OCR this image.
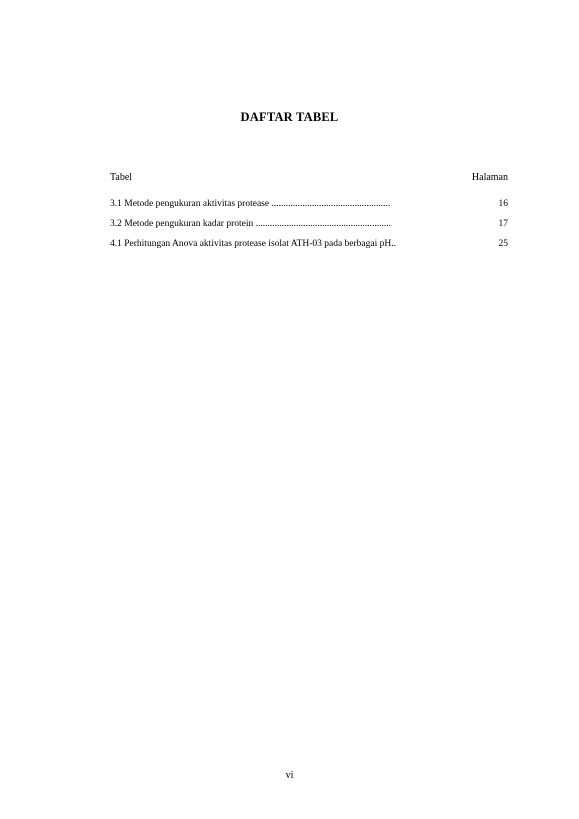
DAFTAR TABEL
Tabel	Halaman
3.1 Metode pengukuran aktivitas protease ..................................................	16
3.2 Metode pengukuran kadar protein .........................................................	17
4.1 Perhitungan Anova aktivitas protease isolat ATH-03 pada berbagai pH..	25
vi
